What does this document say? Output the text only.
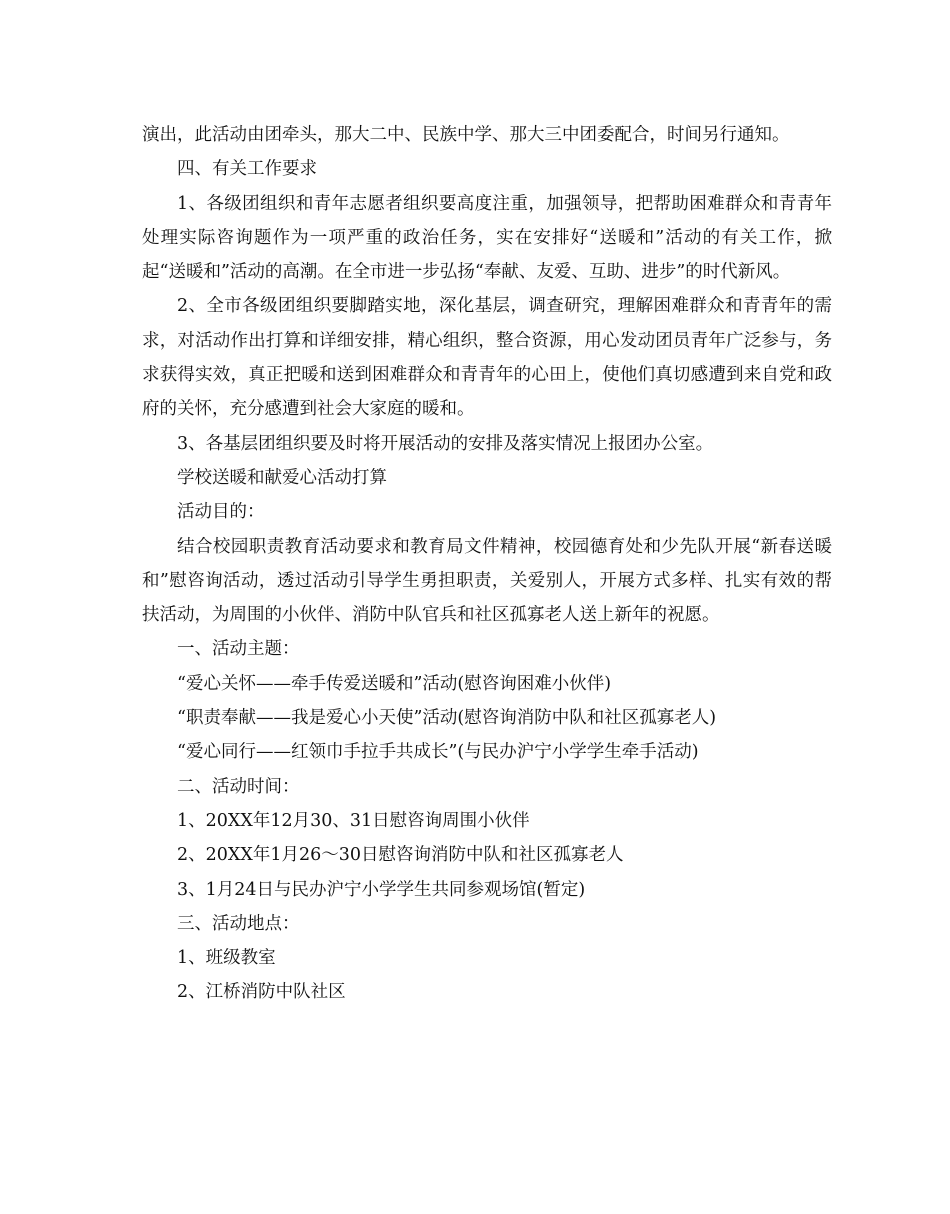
演出，此活动由团牵头，那大二中、民族中学、那大三中团委配合，时间另行通知。

四、有关工作要求

1、各级团组织和青年志愿者组织要高度注重，加强领导，把帮助困难群众和青青年处理实际咨询题作为一项严重的政治任务，实在安排好“送暖和”活动的有关工作，掀起“送暖和”活动的高潮。在全市进一步弘扬“奉献、友爱、互助、进步”的时代新风。

2、全市各级团组织要脚踏实地，深化基层，调查研究，理解困难群众和青青年的需求，对活动作出打算和详细安排，精心组织，整合资源，用心发动团员青年广泛参与，务求获得实效，真正把暖和送到困难群众和青青年的心田上，使他们真切感遭到来自党和政府的关怀，充分感遭到社会大家庭的暖和。

3、各基层团组织要及时将开展活动的安排及落实情况上报团办公室。

学校送暖和献爱心活动打算

活动目的：

结合校园职责教育活动要求和教育局文件精神，校园德育处和少先队开展“新春送暖和”慰咨询活动，透过活动引导学生勇担职责，关爱别人，开展方式多样、扎实有效的帮扶活动，为周围的小伙伴、消防中队官兵和社区孤寡老人送上新年的祝愿。

一、活动主题：

“爱心关怀——牵手传爱送暖和”活动(慰咨询困难小伙伴)

“职责奉献——我是爱心小天使”活动(慰咨询消防中队和社区孤寡老人)

“爱心同行——红领巾手拉手共成长”(与民办沪宁小学学生牵手活动)

二、活动时间：

1、20XX年12月30、31日慰咨询周围小伙伴

2、20XX年1月26～30日慰咨询消防中队和社区孤寡老人

3、1月24日与民办沪宁小学学生共同参观场馆(暂定)

三、活动地点：

1、班级教室

2、江桥消防中队社区
